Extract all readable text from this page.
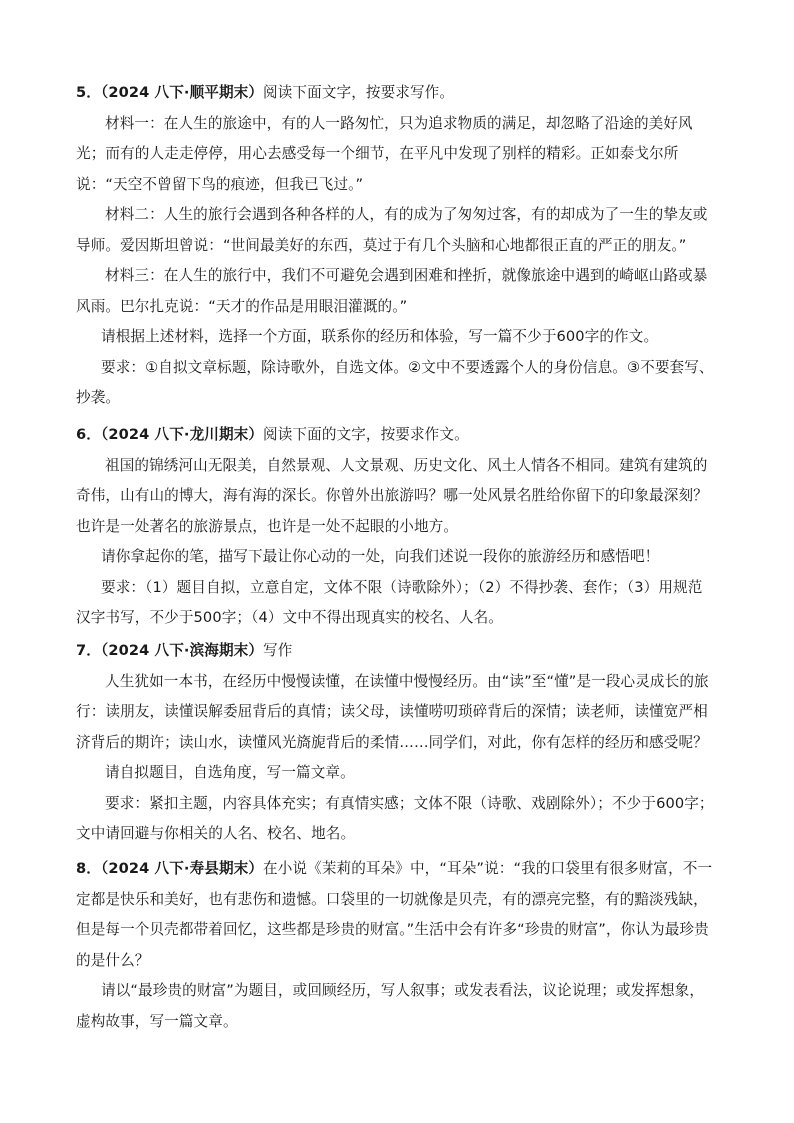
5．（2024 八下·顺平期末）阅读下面文字，按要求写作。

材料一：在人生的旅途中，有的人一路匆忙，只为追求物质的满足，却忽略了沿途的美好风光；而有的人走走停停，用心去感受每一个细节，在平凡中发现了别样的精彩。正如泰戈尔所说：“天空不曾留下鸟的痕迹，但我已飞过。”

材料二：人生的旅行会遇到各种各样的人，有的成为了匆匆过客，有的却成为了一生的挚友或导师。爱因斯坦曾说：“世间最美好的东西，莫过于有几个头脑和心地都很正直的严正的朋友。”

材料三：在人生的旅行中，我们不可避免会遇到困难和挫折，就像旅途中遇到的崎岖山路或暴风雨。巴尔扎克说：“天才的作品是用眼泪灌溉的。”

请根据上述材料，选择一个方面，联系你的经历和体验，写一篇不少于600字的作文。

要求：①自拟文章标题，除诗歌外，自选文体。②文中不要透露个人的身份信息。③不要套写、抄袭。

6．（2024 八下·龙川期末）阅读下面的文字，按要求作文。

祖国的锦绣河山无限美，自然景观、人文景观、历史文化、风土人情各不相同。建筑有建筑的奇伟，山有山的博大，海有海的深长。你曾外出旅游吗？哪一处风景名胜给你留下的印象最深刻？也许是一处著名的旅游景点，也许是一处不起眼的小地方。

请你拿起你的笔，描写下最让你心动的一处，向我们述说一段你的旅游经历和感悟吧！

要求：（1）题目自拟，立意自定，文体不限（诗歌除外）；（2）不得抄袭、套作；（3）用规范汉字书写，不少于500字；（4）文中不得出现真实的校名、人名。

7．（2024 八下·滨海期末）写作

人生犹如一本书，在经历中慢慢读懂，在读懂中慢慢经历。由“读”至“懂”是一段心灵成长的旅行：读朋友，读懂误解委屈背后的真情；读父母，读懂唠叨琐碎背后的深情；读老师，读懂宽严相济背后的期许；读山水，读懂风光旖旎背后的柔情……同学们，对此，你有怎样的经历和感受呢？

请自拟题目，自选角度，写一篇文章。

要求：紧扣主题，内容具体充实；有真情实感；文体不限（诗歌、戏剧除外）；不少于600字；文中请回避与你相关的人名、校名、地名。

8．（2024 八下·寿县期末）在小说《茉莉的耳朵》中，“耳朵”说：“我的口袋里有很多财富，不一定都是快乐和美好，也有悲伤和遗憾。口袋里的一切就像是贝壳，有的漂亮完整，有的黯淡残缺，但是每一个贝壳都带着回忆，这些都是珍贵的财富。”生活中会有许多“珍贵的财富”，你认为最珍贵的是什么？

请以“最珍贵的财富”为题目，或回顾经历，写人叙事；或发表看法，议论说理；或发挥想象，虚构故事，写一篇文章。
